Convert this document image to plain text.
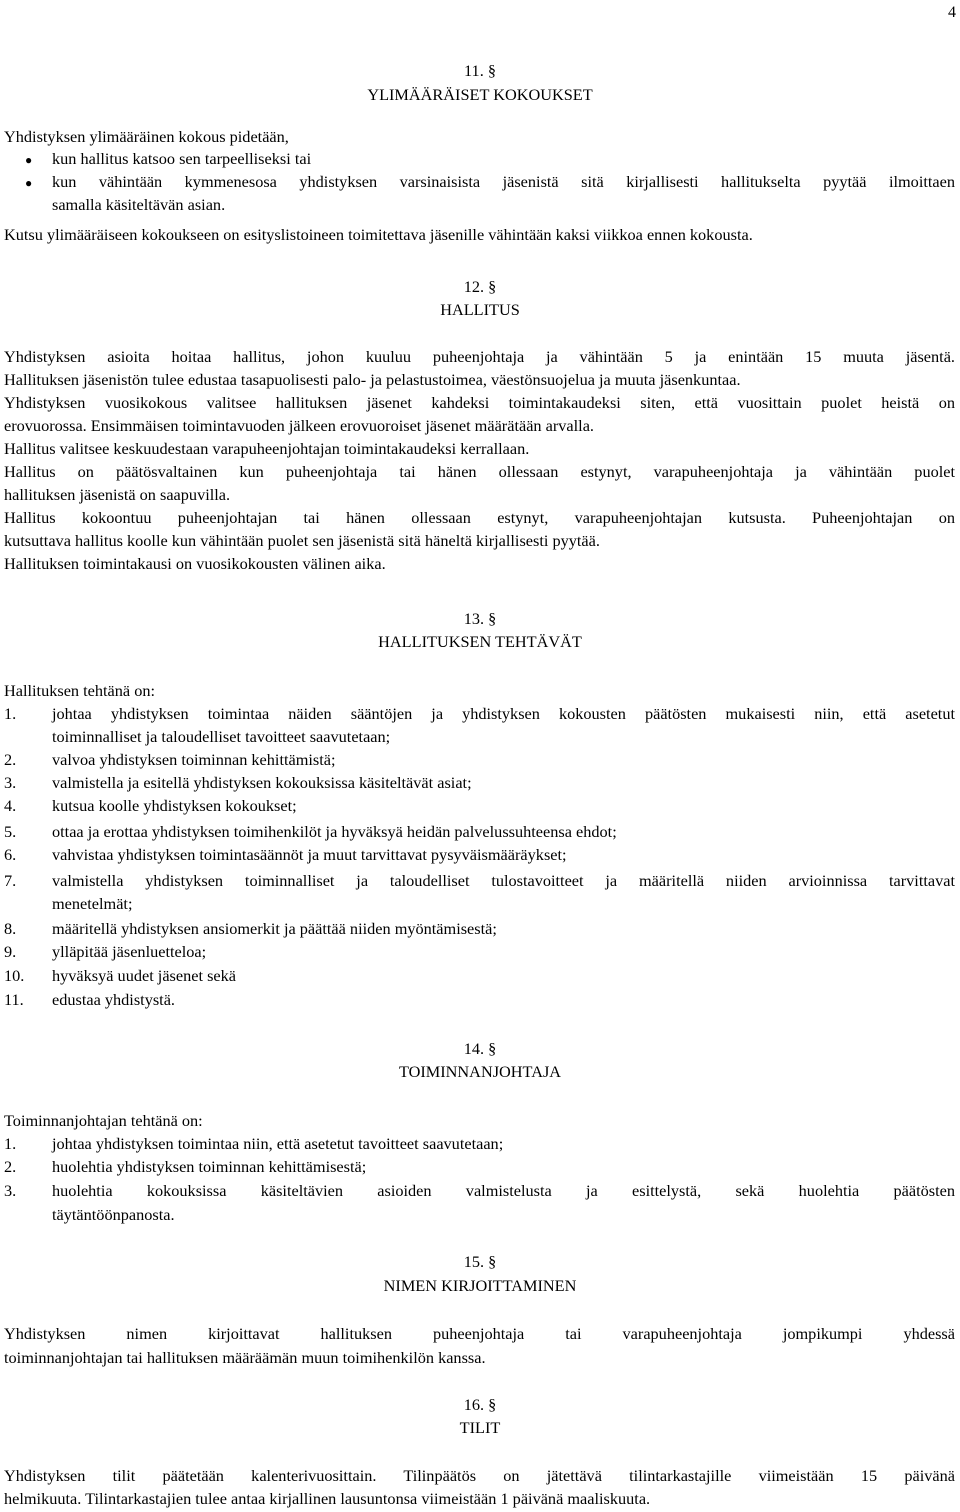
4
11. §
YLIMÄÄRÄISET KOKOUKSET
Yhdistyksen ylimääräinen kokous pidetään,
● kun hallitus katsoo sen tarpeelliseksi tai
● kun vähintään kymmenesosa yhdistyksen varsinaisista jäsenistä sitä kirjallisesti hallitukselta pyytää ilmoittaen
samalla käsiteltävän asian.
Kutsu ylimääräiseen kokoukseen on esityslistoineen toimitettava jäsenille vähintään kaksi viikkoa ennen kokousta.
12. §
HALLITUS
Yhdistyksen asioita hoitaa hallitus, johon kuuluu puheenjohtaja ja vähintään 5 ja enintään 15 muuta jäsentä.
Hallituksen jäsenistön tulee edustaa tasapuolisesti palo- ja pelastustoimea, väestönsuojelua ja muuta jäsenkuntaa.
Yhdistyksen vuosikokous valitsee hallituksen jäsenet kahdeksi toimintakaudeksi siten, että vuosittain puolet heistä on
erovuorossa. Ensimmäisen toimintavuoden jälkeen erovuoroiset jäsenet määrätään arvalla.
Hallitus valitsee keskuudestaan varapuheenjohtajan toimintakaudeksi kerrallaan.
Hallitus on päätösvaltainen kun puheenjohtaja tai hänen ollessaan estynyt, varapuheenjohtaja ja vähintään puolet
hallituksen jäsenistä on saapuvilla.
Hallitus kokoontuu puheenjohtajan tai hänen ollessaan estynyt, varapuheenjohtajan kutsusta. Puheenjohtajan on
kutsuttava hallitus koolle kun vähintään puolet sen jäsenistä sitä häneltä kirjallisesti pyytää.
Hallituksen toimintakausi on vuosikokousten välinen aika.
13. §
HALLITUKSEN TEHTÄVÄT
Hallituksen tehtänä on:
1.	johtaa yhdistyksen toimintaa näiden sääntöjen ja yhdistyksen kokousten päätösten mukaisesti niin, että asetetut
toiminnalliset ja taloudelliset tavoitteet saavutetaan;
2.	valvoa yhdistyksen toiminnan kehittämistä;
3.	valmistella ja esitellä yhdistyksen kokouksissa käsiteltävät asiat;
4.	kutsua koolle yhdistyksen kokoukset;
5.	ottaa ja erottaa yhdistyksen toimihenkilöt ja hyväksyä heidän palvelussuhteensa ehdot;
6.	vahvistaa yhdistyksen toimintasäännöt ja muut tarvittavat pysyväismääräykset;
7.	valmistella yhdistyksen toiminnalliset ja taloudelliset tulostavoitteet ja määritellä niiden arvioinnissa tarvittavat
menetelmät;
8.	määritellä yhdistyksen ansiomerkit ja päättää niiden myöntämisestä;
9.	ylläpitää jäsenluetteloa;
10.	hyväksyä uudet jäsenet sekä
11.	edustaa yhdistystä.
14. §
TOIMINNANJOHTAJA
Toiminnanjohtajan tehtänä on:
1.	johtaa yhdistyksen toimintaa niin, että asetetut tavoitteet saavutetaan;
2.	huolehtia yhdistyksen toiminnan kehittämisestä;
3.	huolehtia kokouksissa käsiteltävien asioiden valmistelusta ja esittelystä, sekä huolehtia päätösten
täytäntöönpanosta.
15. §
NIMEN KIRJOITTAMINEN
Yhdistyksen nimen kirjoittavat hallituksen puheenjohtaja tai varapuheenjohtaja jompikumpi yhdessä
toiminnanjohtajan tai hallituksen määräämän muun toimihenkilön kanssa.
16. §
TILIT
Yhdistyksen tilit päätetään kalenterivuosittain. Tilinpäätös on jätettävä tilintarkastajille viimeistään 15 päivänä
helmikuuta. Tilintarkastajien tulee antaa kirjallinen lausuntonsa viimeistään 1 päivänä maaliskuuta.
